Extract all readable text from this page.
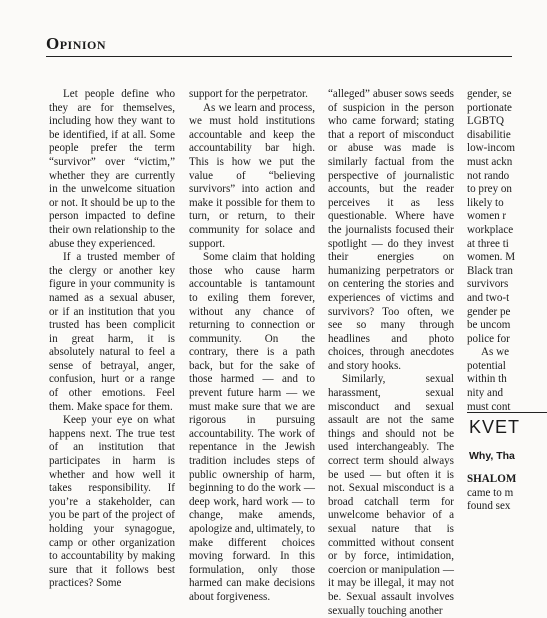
Opinion

Let people define who they are for themselves, including how they want to be identified, if at all. Some people prefer the term “survivor” over “victim,” whether they are currently in the unwelcome situation or not. It should be up to the person impacted to define their own relationship to the abuse they experienced.

If a trusted member of the clergy or another key figure in your community is named as a sexual abuser, or if an institution that you trusted has been complicit in great harm, it is absolutely natural to feel a sense of betrayal, anger, confusion, hurt or a range of other emotions. Feel them. Make space for them.

Keep your eye on what happens next. The true test of an institution that participates in harm is whether and how well it takes responsibility. If you’re a stakeholder, can you be part of the project of holding your synagogue, camp or other organization to accountability by making sure that it follows best practices? Some

support for the perpetrator.

As we learn and process, we must hold institutions accountable and keep the accountability bar high. This is how we put the value of “believing survivors” into action and make it possible for them to turn, or return, to their community for solace and support.

Some claim that holding those who cause harm accountable is tantamount to exiling them forever, without any chance of returning to connection or community. On the contrary, there is a path back, but for the sake of those harmed — and to prevent future harm — we must make sure that we are rigorous in pursuing accountability. The work of repentance in the Jewish tradition includes steps of public ownership of harm, beginning to do the work — deep work, hard work — to change, make amends, apologize and, ultimately, to make different choices moving forward. In this formulation, only those harmed can make decisions about forgiveness.

“alleged” abuser sows seeds of suspicion in the person who came forward; stating that a report of misconduct or abuse was made is similarly factual from the perspective of journalistic accounts, but the reader perceives it as less questionable. Where have the journalists focused their spotlight — do they invest their energies on humanizing perpetrators or on centering the stories and experiences of victims and survivors? Too often, we see so many through headlines and photo choices, through anecdotes and story hooks.

Similarly, sexual harassment, sexual misconduct and sexual assault are not the same things and should not be used interchangeably. The correct term should always be used — but often it is not. Sexual misconduct is a broad catchall term for unwelcome behavior of a sexual nature that is committed without consent or by force, intimidation, coercion or manipulation — it may be illegal, it may not be. Sexual assault involves sexually touching another

gender, se
portionate
LGBTQ
disabilitie
low-incom
must ackn
not rando
to prey on
likely to
women r
workplace
at three ti
women. M
Black tran
survivors
and two-t
gender pe
be uncom
police for
As we
potential
within th
nity and
must cont
KVET
Why, Tha
SHALOM
came to m
found sex
